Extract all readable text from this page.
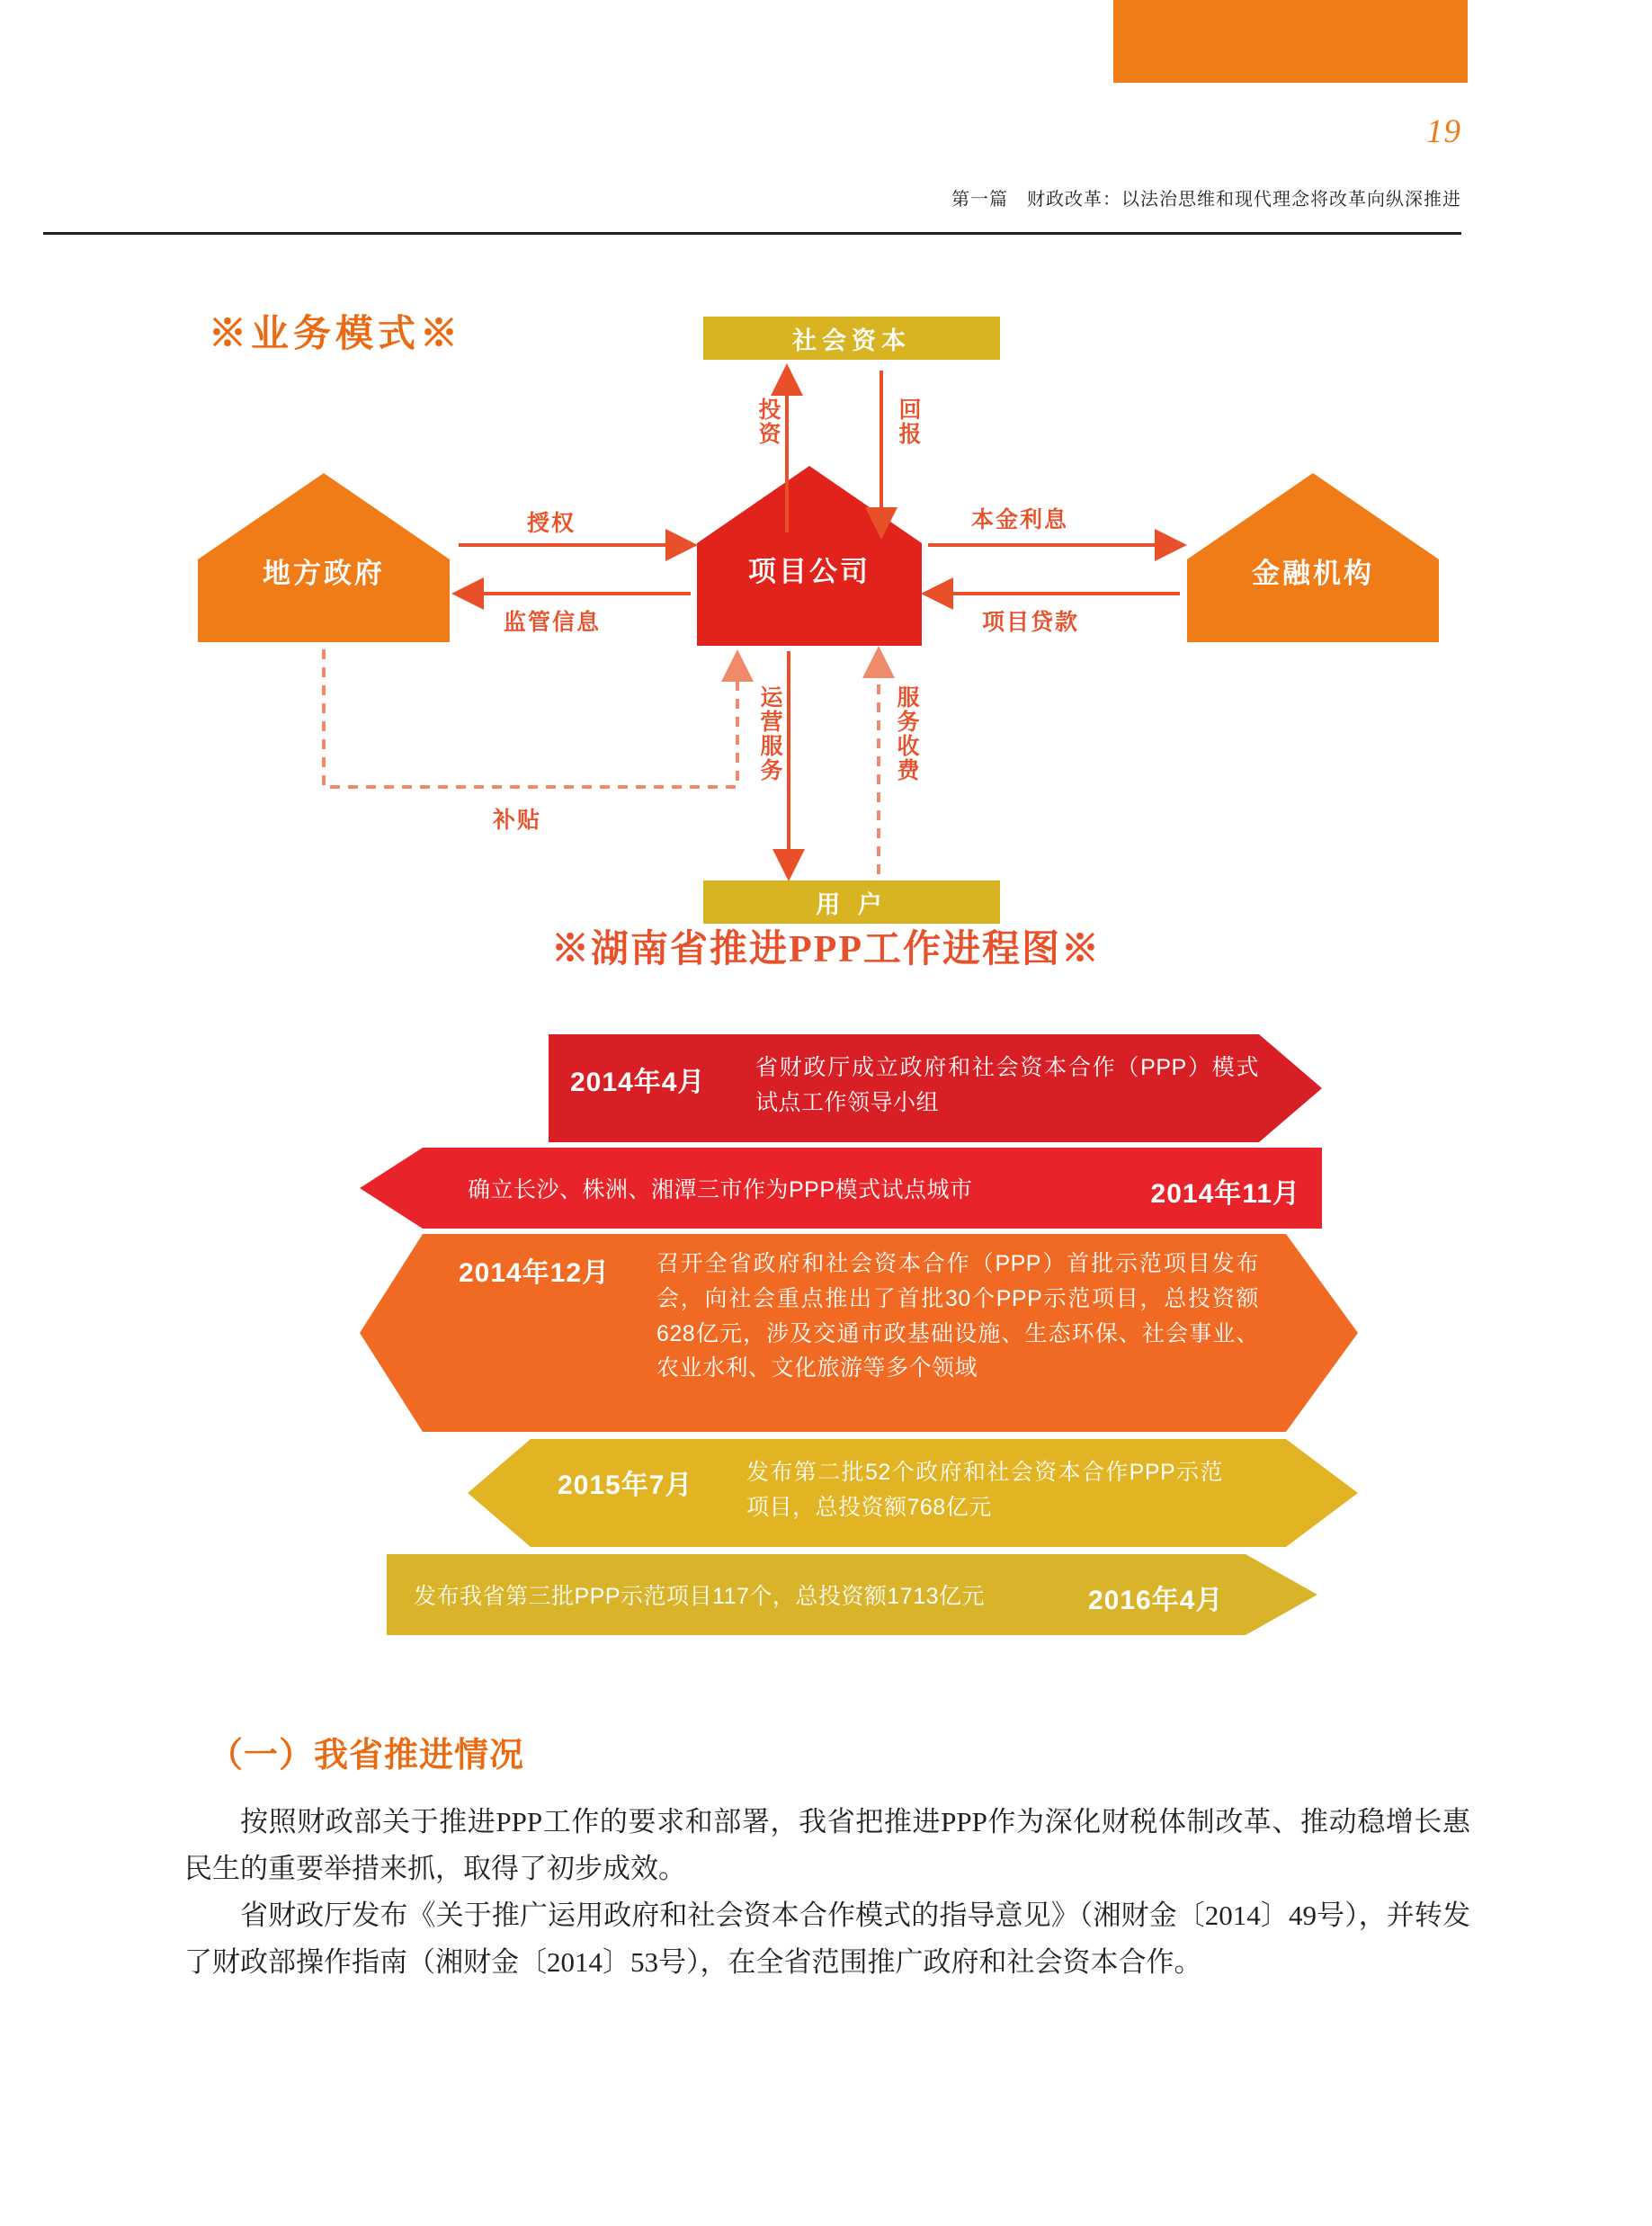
19
第一篇　财政改革：以法治思维和现代理念将改革向纵深推进
※业务模式※	社会资本
用 户
地方政府	项目公司	金融机构
投资	回报
授权
监管信息
本金利息
项目贷款
补贴
运营服务	服务收费
※湖南省推进PPP工作进程图※
2014年4月 省财政厅成立政府和社会资本合作（PPP）模式试点工作领导小组
确立长沙、株洲、湘潭三市作为PPP模式试点城市	2014年11月
2014年12月 召开全省政府和社会资本合作（PPP）首批示范项目发布会，向社会重点推出了首批30个PPP示范项目，总投资额628亿元，涉及交通市政基础设施、生态环保、社会事业、农业水利、文化旅游等多个领域
2015年7月 发布第二批52个政府和社会资本合作PPP示范项目，总投资额768亿元
发布我省第三批PPP示范项目117个，总投资额1713亿元	2016年4月
（一）我省推进情况

按照财政部关于推进PPP工作的要求和部署，我省把推进PPP作为深化财税体制改革、推动稳增长惠民生的重要举措来抓，取得了初步成效。

省财政厅发布《关于推广运用政府和社会资本合作模式的指导意见》（湘财金〔2014〕49号），并转发了财政部操作指南（湘财金〔2014〕53号），在全省范围推广政府和社会资本合作。
